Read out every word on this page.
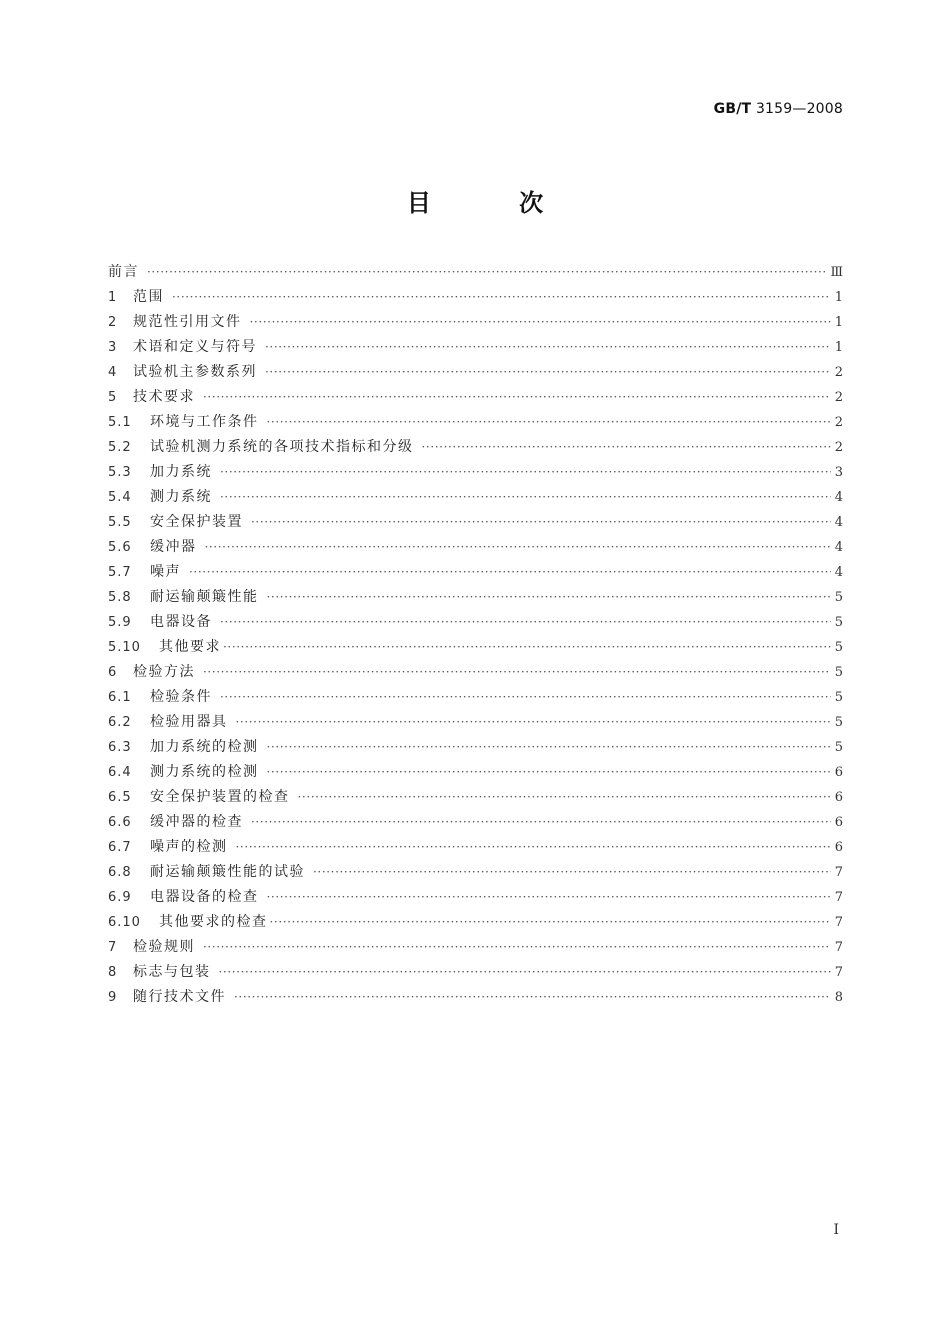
GB/T 3159—2008
目 次
前言 ·····	Ⅲ
1	范围 ·····	1
2	规范性引用文件 ·····	1
3	术语和定义与符号 ·····	1
4	试验机主参数系列 ·····	2
5	技术要求 ·····	2
5.1	环境与工作条件 ·····	2
5.2	试验机测力系统的各项技术指标和分级 ·····	2
5.3	加力系统 ·····	3
5.4	测力系统 ·····	4
5.5	安全保护装置 ·····	4
5.6	缓冲器 ·····	4
5.7	噪声 ·····	4
5.8	耐运输颠簸性能 ·····	5
5.9	电器设备 ·····	5
5.10	其他要求 ·····	5
6	检验方法 ·····	5
6.1	检验条件 ·····	5
6.2	检验用器具 ·····	5
6.3	加力系统的检测 ·····	5
6.4	测力系统的检测 ·····	6
6.5	安全保护装置的检查 ·····	6
6.6	缓冲器的检查 ·····	6
6.7	噪声的检测 ·····	6
6.8	耐运输颠簸性能的试验 ·····	7
6.9	电器设备的检查 ·····	7
6.10	其他要求的检查 ·····	7
7	检验规则 ·····	7
8	标志与包装 ·····	7
9	随行技术文件 ·····	8
Ⅰ
